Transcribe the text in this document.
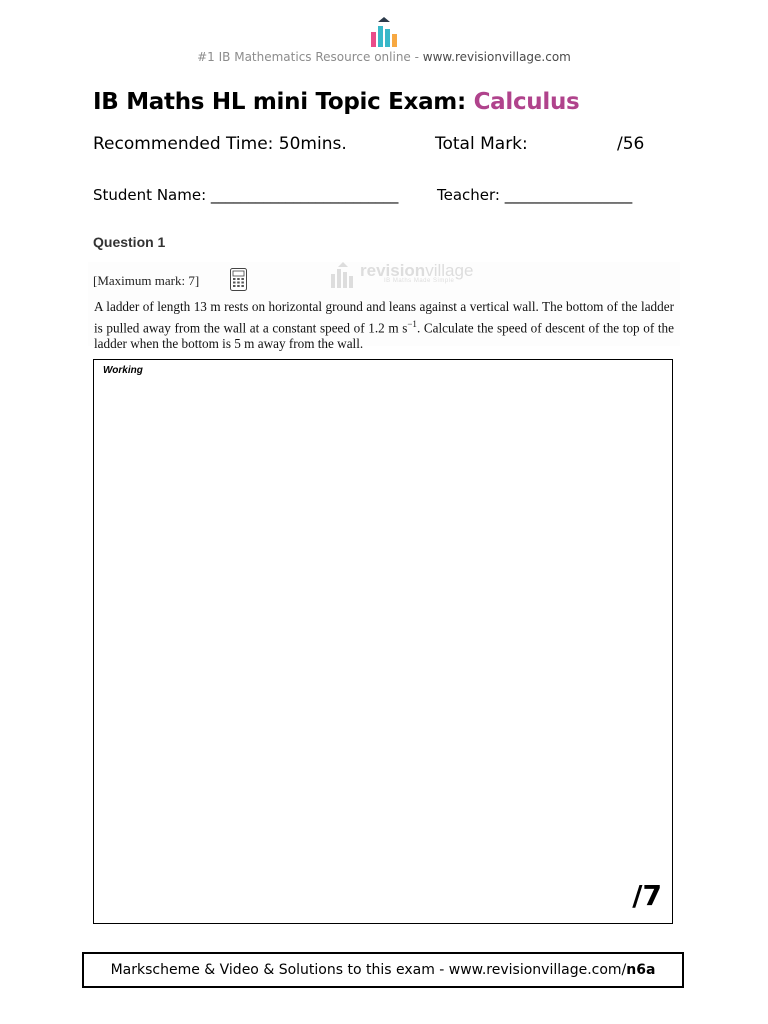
#1 IB Mathematics Resource online - www.revisionvillage.com
IB Maths HL mini Topic Exam: Calculus
Recommended Time: 50mins.	Total Mark:	/56
Student Name: _________________________	Teacher: _________________
Question 1
revisionvillage
IB Maths Made Simple
[Maximum mark: 7]
A ladder of length 13 m rests on horizontal ground and leans against a vertical wall. The bottom of the ladder is pulled away from the wall at a constant speed of 1.2 m $s^{-1}$. Calculate the speed of descent of the top of the ladder when the bottom is 5 m away from the wall.
Working
/7
Markscheme & Video & Solutions to this exam - www.revisionvillage.com/n6a
